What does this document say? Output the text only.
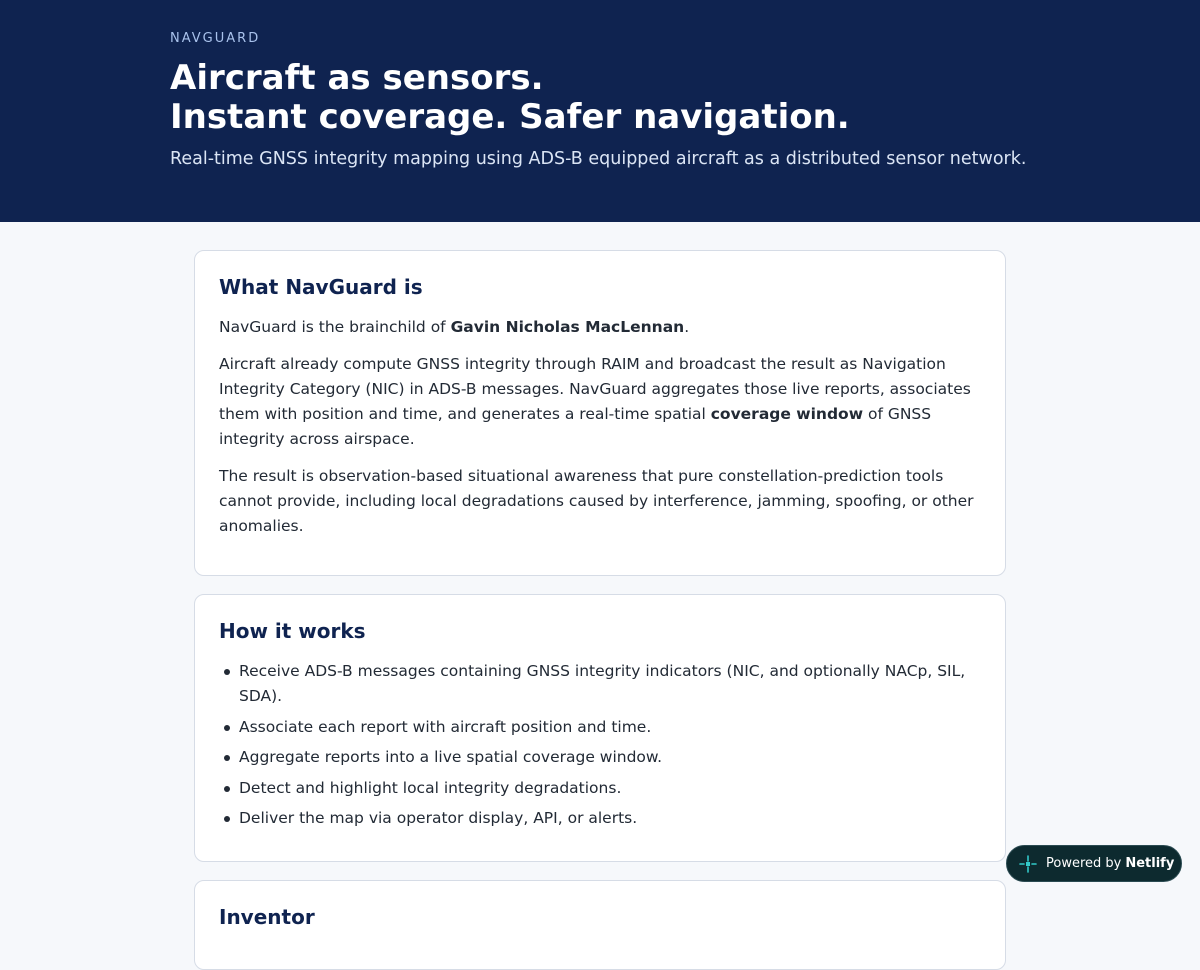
NAVGUARD
Aircraft as sensors.
Instant coverage. Safer navigation.
Real-time GNSS integrity mapping using ADS-B equipped aircraft as a distributed sensor network.
What NavGuard is

NavGuard is the brainchild of Gavin Nicholas MacLennan.

Aircraft already compute GNSS integrity through RAIM and broadcast the result as Navigation Integrity Category (NIC) in ADS-B messages. NavGuard aggregates those live reports, associates them with position and time, and generates a real-time spatial coverage window of GNSS integrity across airspace.

The result is observation-based situational awareness that pure constellation-prediction tools cannot provide, including local degradations caused by interference, jamming, spoofing, or other anomalies.

How it works
Receive ADS-B messages containing GNSS integrity indicators (NIC, and optionally NACp, SIL, SDA).
Associate each report with aircraft position and time.
Aggregate reports into a live spatial coverage window.
Detect and highlight local integrity degradations.
Deliver the map via operator display, API, or alerts.
Inventor
Powered by Netlify
